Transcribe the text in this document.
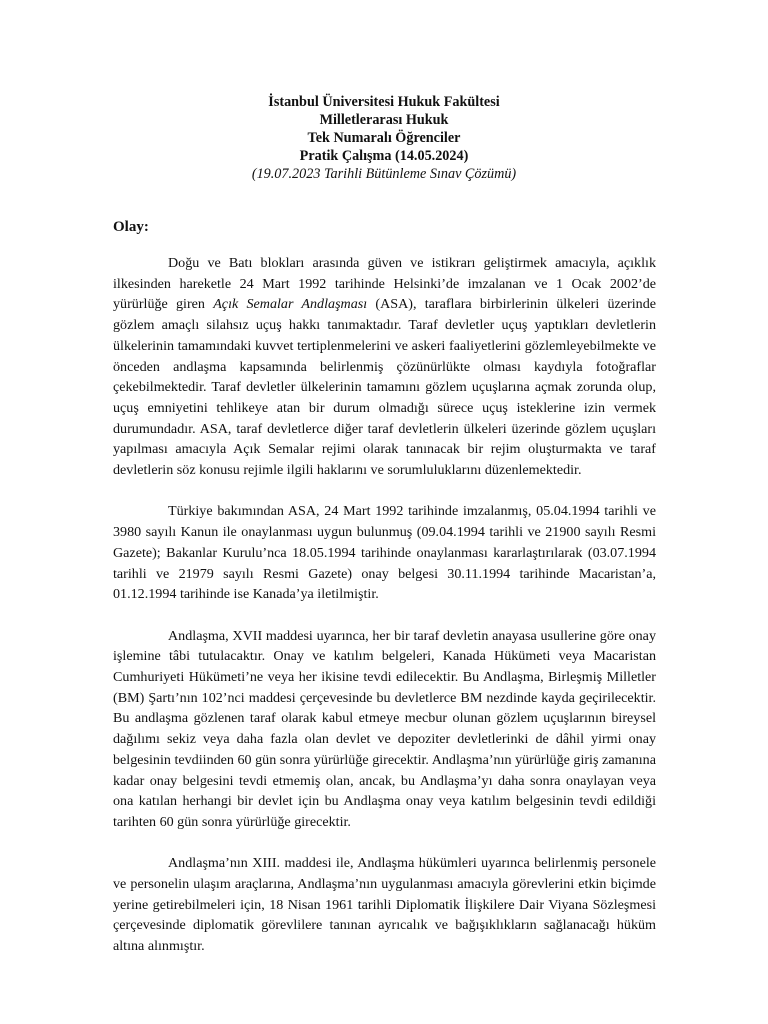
İstanbul Üniversitesi Hukuk Fakültesi
Milletlerarası Hukuk
Tek Numaralı Öğrenciler
Pratik Çalışma (14.05.2024)
(19.07.2023 Tarihli Bütünleme Sınav Çözümü)
Olay:

Doğu ve Batı blokları arasında güven ve istikrarı geliştirmek amacıyla, açıklık ilkesinden hareketle 24 Mart 1992 tarihinde Helsinki’de imzalanan ve 1 Ocak 2002’de yürürlüğe giren Açık Semalar Andlaşması (ASA), taraflara birbirlerinin ülkeleri üzerinde gözlem amaçlı silahsız uçuş hakkı tanımaktadır. Taraf devletler uçuş yaptıkları devletlerin ülkelerinin tamamındaki kuvvet tertiplenmelerini ve askeri faaliyetlerini gözlemleyebilmekte ve önceden andlaşma kapsamında belirlenmiş çözünürlükte olması kaydıyla fotoğraflar çekebilmektedir. Taraf devletler ülkelerinin tamamını gözlem uçuşlarına açmak zorunda olup, uçuş emniyetini tehlikeye atan bir durum olmadığı sürece uçuş isteklerine izin vermek durumundadır. ASA, taraf devletlerce diğer taraf devletlerin ülkeleri üzerinde gözlem uçuşları yapılması amacıyla Açık Semalar rejimi olarak tanınacak bir rejim oluşturmakta ve taraf devletlerin söz konusu rejimle ilgili haklarını ve sorumluluklarını düzenlemektedir.

Türkiye bakımından ASA, 24 Mart 1992 tarihinde imzalanmış, 05.04.1994 tarihli ve 3980 sayılı Kanun ile onaylanması uygun bulunmuş (09.04.1994 tarihli ve 21900 sayılı Resmi Gazete); Bakanlar Kurulu’nca 18.05.1994 tarihinde onaylanması kararlaştırılarak (03.07.1994 tarihli ve 21979 sayılı Resmi Gazete) onay belgesi 30.11.1994 tarihinde Macaristan’a, 01.12.1994 tarihinde ise Kanada’ya iletilmiştir.

Andlaşma, XVII maddesi uyarınca, her bir taraf devletin anayasa usullerine göre onay işlemine tâbi tutulacaktır. Onay ve katılım belgeleri, Kanada Hükümeti veya Macaristan Cumhuriyeti Hükümeti’ne veya her ikisine tevdi edilecektir. Bu Andlaşma, Birleşmiş Milletler (BM) Şartı’nın 102’nci maddesi çerçevesinde bu devletlerce BM nezdinde kayda geçirilecektir. Bu andlaşma gözlenen taraf olarak kabul etmeye mecbur olunan gözlem uçuşlarının bireysel dağılımı sekiz veya daha fazla olan devlet ve depoziter devletlerinki de dâhil yirmi onay belgesinin tevdiinden 60 gün sonra yürürlüğe girecektir. Andlaşma’nın yürürlüğe giriş zamanına kadar onay belgesini tevdi etmemiş olan, ancak, bu Andlaşma’yı daha sonra onaylayan veya ona katılan herhangi bir devlet için bu Andlaşma onay veya katılım belgesinin tevdi edildiği tarihten 60 gün sonra yürürlüğe girecektir.

Andlaşma’nın XIII. maddesi ile, Andlaşma hükümleri uyarınca belirlenmiş personele ve personelin ulaşım araçlarına, Andlaşma’nın uygulanması amacıyla görevlerini etkin biçimde yerine getirebilmeleri için, 18 Nisan 1961 tarihli Diplomatik İlişkilere Dair Viyana Sözleşmesi çerçevesinde diplomatik görevlilere tanınan ayrıcalık ve bağışıklıkların sağlanacağı hüküm altına alınmıştır.
